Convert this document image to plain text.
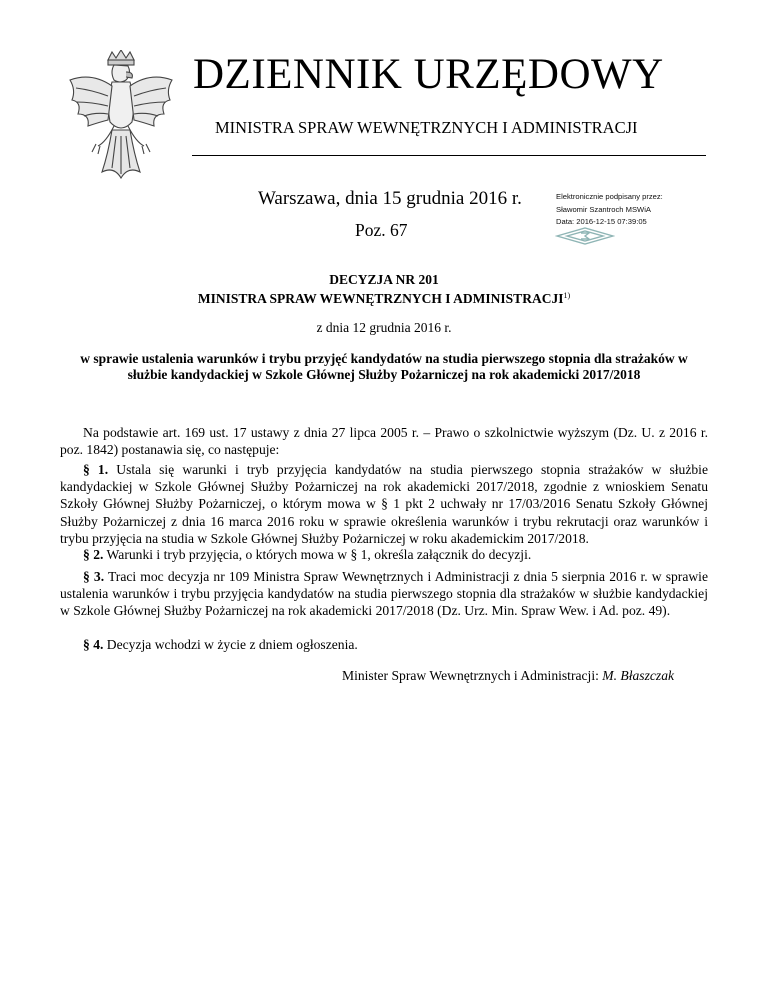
DZIENNIK URZĘDOWY
MINISTRA SPRAW WEWNĘTRZNYCH I ADMINISTRACJI
Warszawa, dnia 15 grudnia 2016 r.
Poz. 67
Elektronicznie podpisany przez:
Sławomir Szantroch MSWiA
Data: 2016-12-15 07:39:05
DECYZJA NR 201
MINISTRA SPRAW WEWNĘTRZNYCH I ADMINISTRACJI$^{1)}$
z dnia 12 grudnia 2016 r.
w sprawie ustalenia warunków i trybu przyjęć kandydatów na studia pierwszego stopnia dla strażaków w służbie kandydackiej w Szkole Głównej Służby Pożarniczej na rok akademicki 2017/2018
Na podstawie art. 169 ust. 17 ustawy z dnia 27 lipca 2005 r. – Prawo o szkolnictwie wyższym (Dz. U. z 2016 r. poz. 1842) postanawia się, co następuje:
§ 1. Ustala się warunki i tryb przyjęcia kandydatów na studia pierwszego stopnia strażaków w służbie kandydackiej w Szkole Głównej Służby Pożarniczej na rok akademicki 2017/2018, zgodnie z wnioskiem Senatu Szkoły Głównej Służby Pożarniczej, o którym mowa w § 1 pkt 2 uchwały nr 17/03/2016 Senatu Szkoły Głównej Służby Pożarniczej z dnia 16 marca 2016 roku w sprawie określenia warunków i trybu rekrutacji oraz warunków i trybu przyjęcia na studia w Szkole Głównej Służby Pożarniczej w roku akademickim 2017/2018.
§ 2. Warunki i tryb przyjęcia, o których mowa w § 1, określa załącznik do decyzji.
§ 3. Traci moc decyzja nr 109 Ministra Spraw Wewnętrznych i Administracji z dnia 5 sierpnia 2016 r. w sprawie ustalenia warunków i trybu przyjęcia kandydatów na studia pierwszego stopnia dla strażaków w służbie kandydackiej w Szkole Głównej Służby Pożarniczej na rok akademicki 2017/2018 (Dz. Urz. Min. Spraw Wew. i Ad. poz. 49).
§ 4. Decyzja wchodzi w życie z dniem ogłoszenia.
Minister Spraw Wewnętrznych i Administracji: M. Błaszczak
